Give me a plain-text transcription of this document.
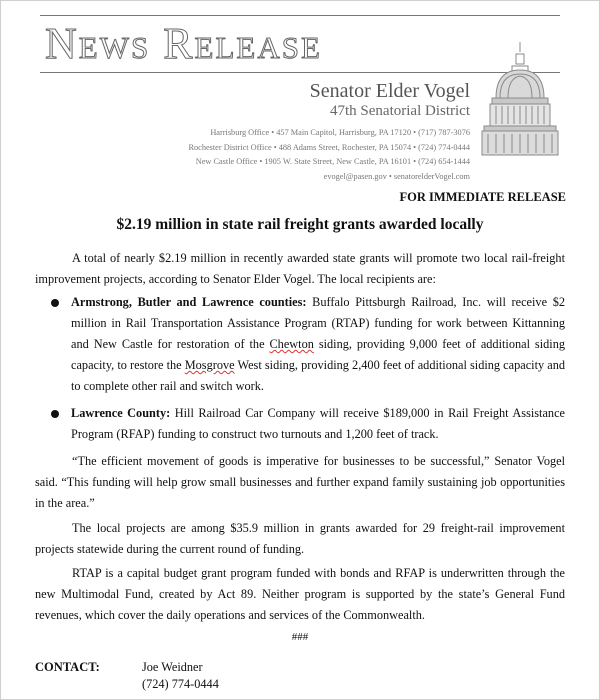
News Release
Senator Elder Vogel
47th Senatorial District
Harrisburg Office • 457 Main Capitol, Harrisburg, PA 17120 • (717) 787-3076
Rochester District Office • 488 Adams Street, Rochester, PA 15074 • (724) 774-0444
New Castle Office • 1905 W. State Street, New Castle, PA 16101 • (724) 654-1444
evogel@pasen.gov • senatorelderVogel.com
FOR IMMEDIATE RELEASE
$2.19 million in state rail freight grants awarded locally
A total of nearly $2.19 million in recently awarded state grants will promote two local rail-freight improvement projects, according to Senator Elder Vogel. The local recipients are:
Armstrong, Butler and Lawrence counties: Buffalo Pittsburgh Railroad, Inc. will receive $2 million in Rail Transportation Assistance Program (RTAP) funding for work between Kittanning and New Castle for restoration of the Chewton siding, providing 9,000 feet of additional siding capacity, to restore the Mosgrove West siding, providing 2,400 feet of additional siding capacity and to complete other rail and switch work.
Lawrence County: Hill Railroad Car Company will receive $189,000 in Rail Freight Assistance Program (RFAP) funding to construct two turnouts and 1,200 feet of track.
“The efficient movement of goods is imperative for businesses to be successful,” Senator Vogel said. “This funding will help grow small businesses and further expand family sustaining job opportunities in the area.”
The local projects are among $35.9 million in grants awarded for 29 freight-rail improvement projects statewide during the current round of funding.
RTAP is a capital budget grant program funded with bonds and RFAP is underwritten through the new Multimodal Fund, created by Act 89. Neither program is supported by the state’s General Fund revenues, which cover the daily operations and services of the Commonwealth.
###
CONTACT:	Joe Weidner
(724) 774-0444
